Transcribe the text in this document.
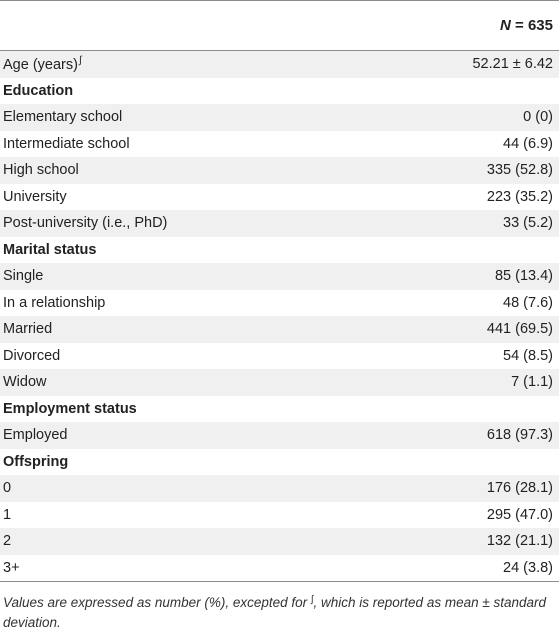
N = 635
Age (years)∫	52.21 ± 6.42
Education
Elementary school	0 (0)
Intermediate school	44 (6.9)
High school	335 (52.8)
University	223 (35.2)
Post-university (i.e., PhD)	33 (5.2)
Marital status
Single	85 (13.4)
In a relationship	48 (7.6)
Married	441 (69.5)
Divorced	54 (8.5)
Widow	7 (1.1)
Employment status
Employed	618 (97.3)
Offspring
0	176 (28.1)
1	295 (47.0)
2	132 (21.1)
3+	24 (3.8)
Values are expressed as number (%), excepted for ∫, which is reported as mean ± standard deviation.
